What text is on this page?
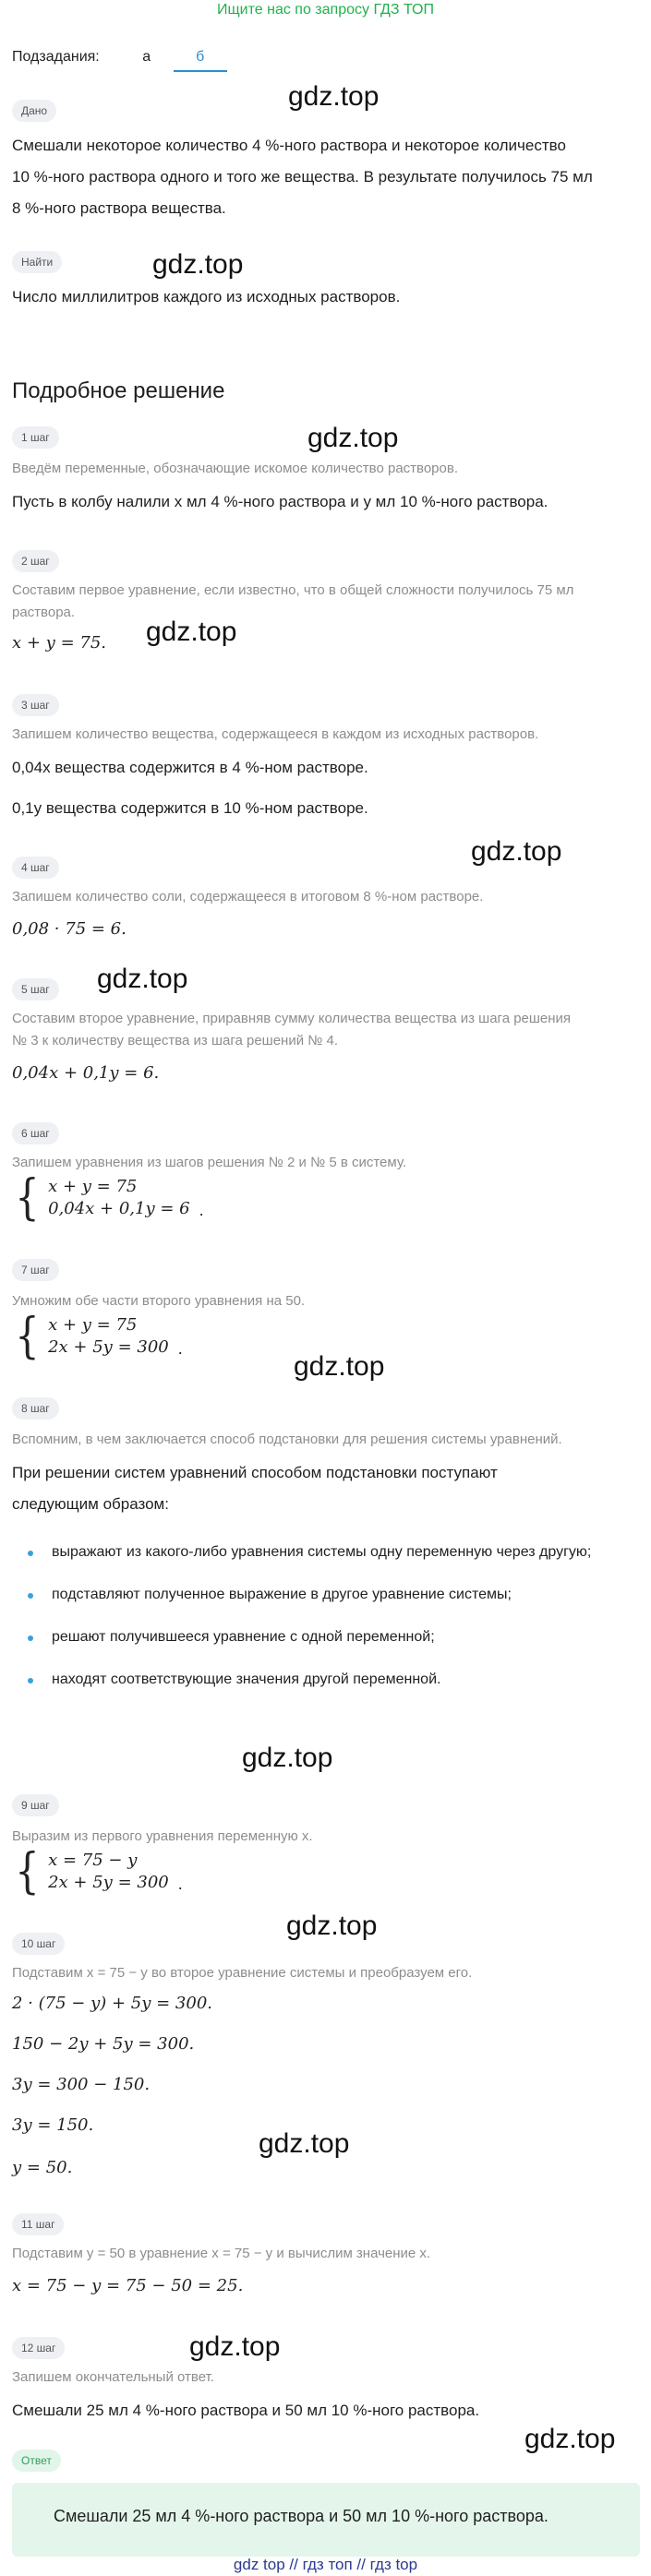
Ищите нас по запросу ГДЗ ТОП
Подзадания:	а	б
gdz.top
gdz.top
gdz.top
gdz.top
gdz.top
gdz.top
gdz.top
gdz.top
gdz.top
gdz.top
gdz.top
gdz.top
Дано
Смешали некоторое количество 4 %-ного раствора и некоторое количество
10 %-ного раствора одного и того же вещества. В результате получилось 75 мл
8 %-ного раствора вещества.
Найти
Число миллилитров каждого из исходных растворов.
Подробное решение
1 шаг
Введём переменные, обозначающие искомое количество растворов.
Пусть в колбу налили x мл 4 %-ного раствора и y мл 10 %-ного раствора.
2 шаг
Составим первое уравнение, если известно, что в общей сложности получилось 75 мл раствора.
x + y = 75.
3 шаг
Запишем количество вещества, содержащееся в каждом из исходных растворов.
0,04x вещества содержится в 4 %-ном растворе.
0,1y вещества содержится в 10 %-ном растворе.
4 шаг
Запишем количество соли, содержащееся в итоговом 8 %-ном растворе.
0,08 · 75 = 6.
5 шаг
Составим второе уравнение, приравняв сумму количества вещества из шага решения
№ 3 к количеству вещества из шага решений № 4.
0,04x + 0,1y = 6.
6 шаг
Запишем уравнения из шагов решения № 2 и № 5 в систему.
{ x + y = 75
0,04x + 0,1y = 6 .
7 шаг
Умножим обе части второго уравнения на 50.
{ x + y = 75
2x + 5y = 300 .
8 шаг
Вспомним, в чем заключается способ подстановки для решения системы уравнений.
При решении систем уравнений способом подстановки поступают
следующим образом:
выражают из какого-либо уравнения системы одну переменную через другую;
подставляют полученное выражение в другое уравнение системы;
решают получившееся уравнение с одной переменной;
находят соответствующие значения другой переменной.
9 шаг
Выразим из первого уравнения переменную x.
{ x = 75 − y
2x + 5y = 300 .
10 шаг
Подставим x = 75 − y во второе уравнение системы и преобразуем его.
2 · (75 − y) + 5y = 300.
150 − 2y + 5y = 300.
3y = 300 − 150.
3y = 150.
y = 50.
11 шаг
Подставим y = 50 в уравнение x = 75 − y и вычислим значение x.
x = 75 − y = 75 − 50 = 25.
12 шаг
Запишем окончательный ответ.
Смешали 25 мл 4 %-ного раствора и 50 мл 10 %-ного раствора.
Ответ
Смешали 25 мл 4 %-ного раствора и 50 мл 10 %-ного раствора.
gdz top // гдз топ // гдз top
